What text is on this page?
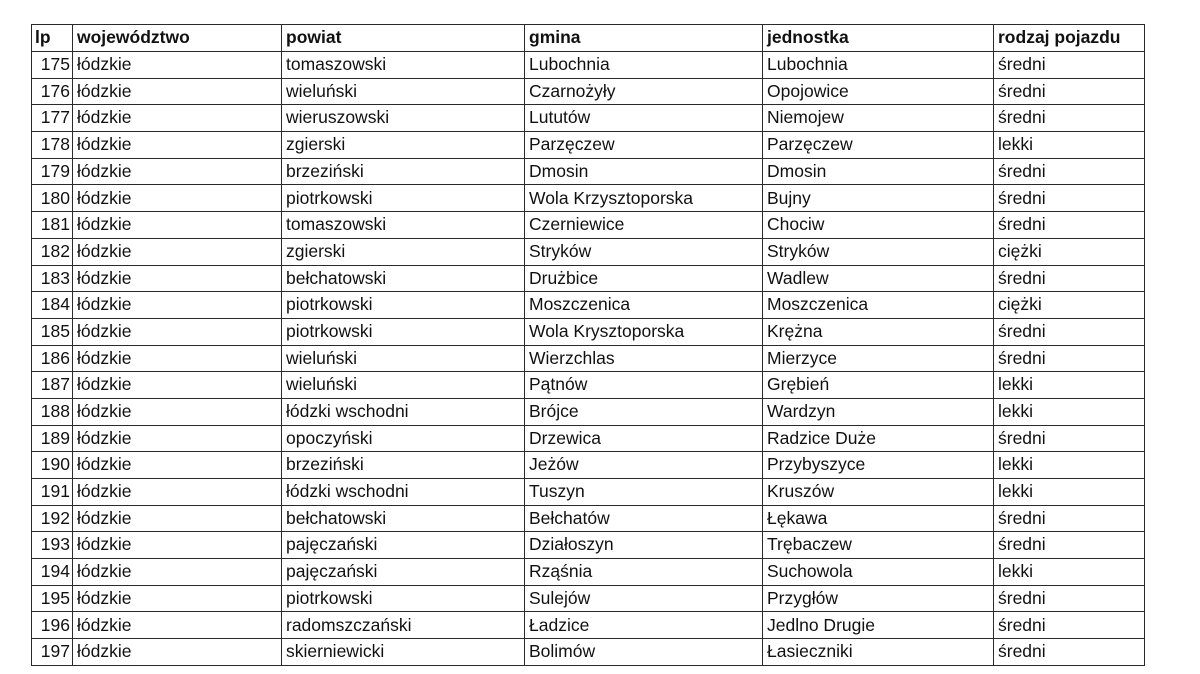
lp	województwo	powiat	gmina	jednostka	rodzaj pojazdu
175	łódzkie	tomaszowski	Lubochnia	Lubochnia	średni
176	łódzkie	wieluński	Czarnożyły	Opojowice	średni
177	łódzkie	wieruszowski	Lututów	Niemojew	średni
178	łódzkie	zgierski	Parzęczew	Parzęczew	lekki
179	łódzkie	brzeziński	Dmosin	Dmosin	średni
180	łódzkie	piotrkowski	Wola Krzysztoporska	Bujny	średni
181	łódzkie	tomaszowski	Czerniewice	Chociw	średni
182	łódzkie	zgierski	Stryków	Stryków	ciężki
183	łódzkie	bełchatowski	Drużbice	Wadlew	średni
184	łódzkie	piotrkowski	Moszczenica	Moszczenica	ciężki
185	łódzkie	piotrkowski	Wola Krysztoporska	Krężna	średni
186	łódzkie	wieluński	Wierzchlas	Mierzyce	średni
187	łódzkie	wieluński	Pątnów	Grębień	lekki
188	łódzkie	łódzki wschodni	Brójce	Wardzyn	lekki
189	łódzkie	opoczyński	Drzewica	Radzice Duże	średni
190	łódzkie	brzeziński	Jeżów	Przybyszyce	lekki
191	łódzkie	łódzki wschodni	Tuszyn	Kruszów	lekki
192	łódzkie	bełchatowski	Bełchatów	Łękawa	średni
193	łódzkie	pajęczański	Działoszyn	Trębaczew	średni
194	łódzkie	pajęczański	Rząśnia	Suchowola	lekki
195	łódzkie	piotrkowski	Sulejów	Przygłów	średni
196	łódzkie	radomszczański	Ładzice	Jedlno Drugie	średni
197	łódzkie	skierniewicki	Bolimów	Łasieczniki	średni
